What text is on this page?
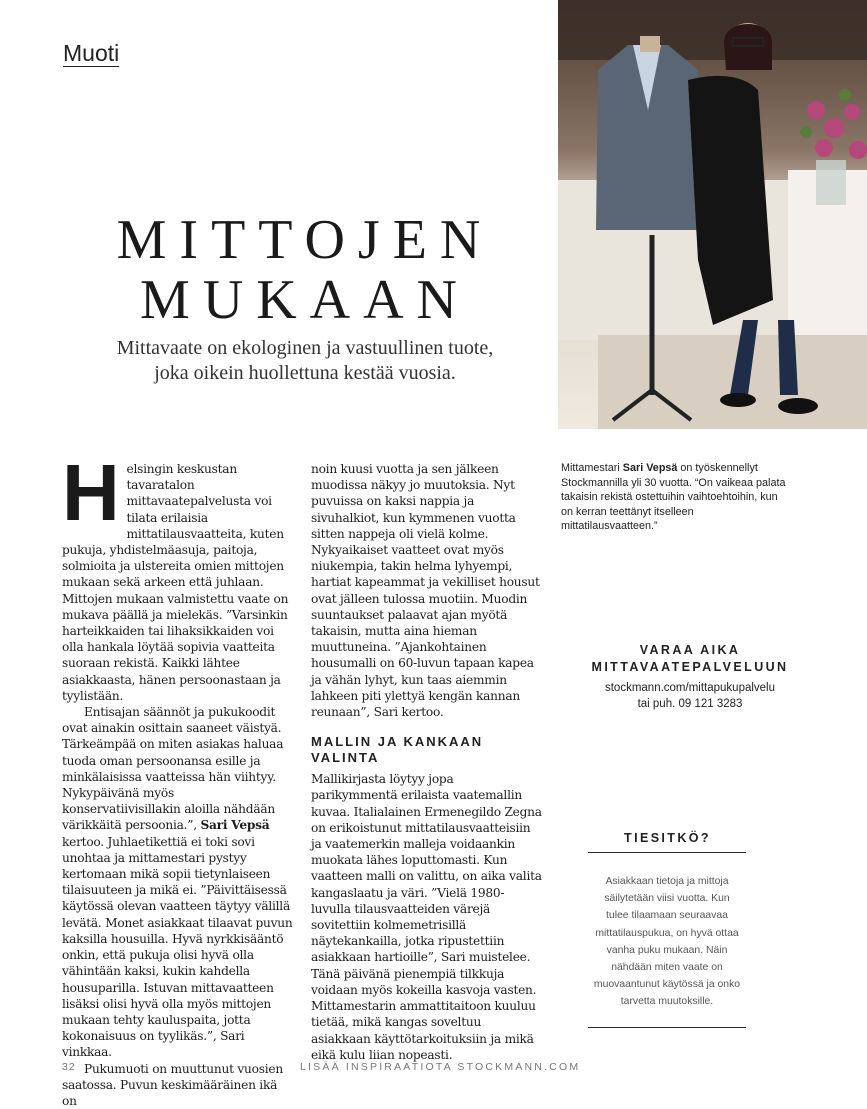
Muoti
MITTOJEN
MUKAAN
Mittavaate on ekologinen ja vastuullinen tuote,
joka oikein huollettuna kestää vuosia.
H elsingin keskustan tavaratalon mittavaatepalvelusta voi tilata erilaisia mittatilausvaatteita, kuten pukuja, yhdistelmäasuja, paitoja, solmioita ja ulstereita omien mittojen mukaan sekä arkeen että juhlaan. Mittojen mukaan valmistettu vaate on mukava päällä ja mielekäs. ”Varsinkin harteikkaiden tai lihaksikkaiden voi olla hankala löytää sopivia vaatteita suoraan rekistä. Kaikki lähtee asiakkaasta, hänen persoonastaan ja tyylistään.

Entisajan säännöt ja pukukoodit ovat ainakin osittain saaneet väistyä. Tärkeämpää on miten asiakas haluaa tuoda oman persoonansa esille ja minkälaisissa vaatteissa hän viihtyy. Nykypäivänä myös konservatiivisillakin aloilla nähdään värikkäitä persoonia.”, Sari Vepsä kertoo. Juhlaetikettiä ei toki sovi unohtaa ja mittamestari pystyy kertomaan mikä sopii tietynlaiseen tilaisuuteen ja mikä ei. ”Päivittäisessä käytössä olevan vaatteen täytyy välillä levätä. Monet asiakkaat tilaavat puvun kaksilla housuilla. Hyvä nyrkkisääntö onkin, että pukuja olisi hyvä olla vähintään kaksi, kukin kahdella housuparilla. Istuvan mittavaatteen lisäksi olisi hyvä olla myös mittojen mukaan tehty kauluspaita, jotta kokonaisuus on tyylikäs.”, Sari vinkkaa.

Pukumuoti on muuttunut vuosien saatossa. Puvun keskimääräinen ikä on

noin kuusi vuotta ja sen jälkeen muodissa näkyy jo muutoksia. Nyt puvuissa on kaksi nappia ja sivuhalkiot, kun kymmenen vuotta sitten nappeja oli vielä kolme. Nykyaikaiset vaatteet ovat myös niukempia, takin helma lyhyempi, hartiat kapeammat ja vekilliset housut ovat jälleen tulossa muotiin. Muodin suuntaukset palaavat ajan myötä takaisin, mutta aina hieman muuttuneina. ”Ajankohtainen housumalli on 60-luvun tapaan kapea ja vähän lyhyt, kun taas aiemmin lahkeen piti ylettyä kengän kannan reunaan”, Sari kertoo.

MALLIN JA KANKAAN VALINTA

Mallikirjasta löytyy jopa parikymmentä erilaista vaatemallin kuvaa. Italialainen Ermenegildo Zegna on erikoistunut mittatilausvaatteisiin ja vaatemerkin malleja voidaankin muokata lähes loputtomasti. Kun vaatteen malli on valittu, on aika valita kangaslaatu ja väri. ”Vielä 1980-luvulla tilausvaatteiden värejä sovitettiin kolmemetrisillä näytekankailla, jotka ripustettiin asiakkaan hartioille”, Sari muistelee. Tänä päivänä pienempiä tilkkuja voidaan myös kokeilla kasvoja vasten. Mittamestarin ammattitaitoon kuuluu tietää, mikä kangas soveltuu asiakkaan käyttötarkoituksiin ja mikä eikä kulu liian nopeasti.

Mittamestari Sari Vepsä on työskennellyt Stockmannilla yli 30 vuotta. “On vaikeaa palata takaisin rekistä ostettuihin vaihtoehtoihin, kun on kerran teettänyt itselleen mittatilausvaatteen.”
VARAA AIKA
MITTAVAATEPALVELUUN
stockmann.com/mittapukupalvelu
tai puh. 09 121 3283
TIESITKÖ?
Asiakkaan tietoja ja mittoja säilytetään viisi vuotta. Kun tulee tilaamaan seuraavaa mittatilauspukua, on hyvä ottaa vanha puku mukaan. Näin nähdään miten vaate on muovaantunut käytössä ja onko tarvetta muutoksille.
32	LISÄÄ INSPIRAATIOTA STOCKMANN.COM
